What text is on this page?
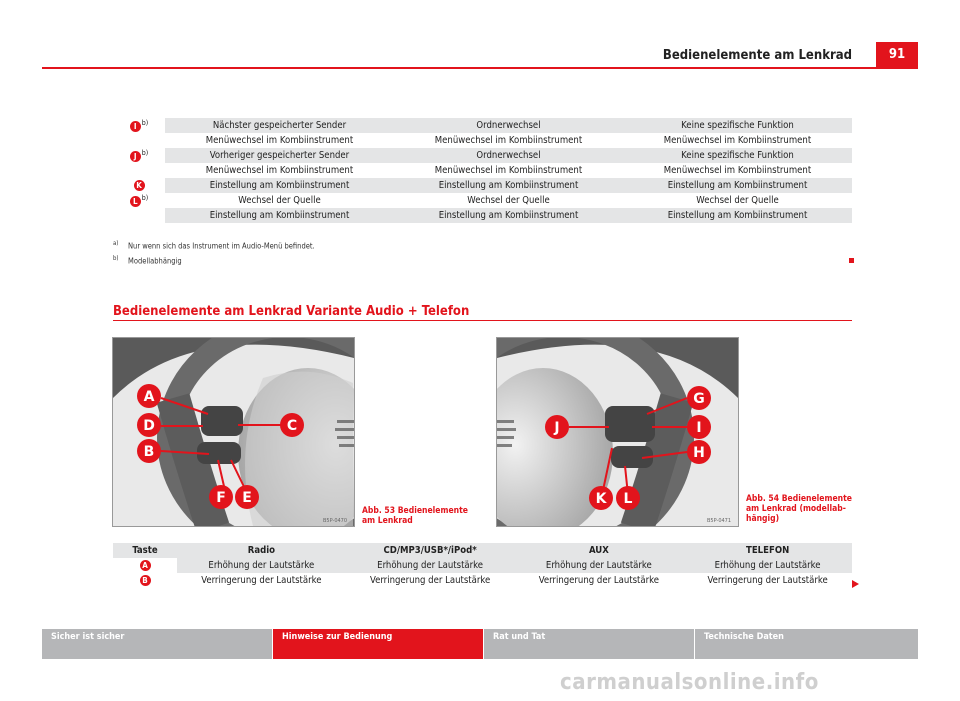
Bedienelemente am Lenkrad	91
I $^{b)}$	Nächster gespeicherter Sender	Ordnerwechsel	Keine spezifische Funktion
	Menüwechsel im Kombiinstrument	Menüwechsel im Kombiinstrument	Menüwechsel im Kombiinstrument
J $^{b)}$	Vorheriger gespeicherter Sender	Ordnerwechsel	Keine spezifische Funktion
	Menüwechsel im Kombiinstrument	Menüwechsel im Kombiinstrument	Menüwechsel im Kombiinstrument
K	Einstellung am Kombiinstrument	Einstellung am Kombiinstrument	Einstellung am Kombiinstrument
L $^{b)}$	Wechsel der Quelle	Wechsel der Quelle	Wechsel der Quelle
	Einstellung am Kombiinstrument	Einstellung am Kombiinstrument	Einstellung am Kombiinstrument
a) Nur wenn sich das Instrument im Audio-Menü befindet.
b) Modellabhängig
Bedienelemente am Lenkrad Variante Audio + Telefon
A
D
B
C
F E
B5P-0470
Abb. 53 Bedienelemente
am Lenkrad
G
J	I
H
K L
B5P-0471
Abb. 54 Bedienelemente
am Lenkrad (modellab-
hängig)
Taste	Radio	CD/MP3/USB*/iPod*	AUX	TELEFON
A	Erhöhung der Lautstärke	Erhöhung der Lautstärke	Erhöhung der Lautstärke	Erhöhung der Lautstärke
B	Verringerung der Lautstärke	Verringerung der Lautstärke	Verringerung der Lautstärke	Verringerung der Lautstärke
Sicher ist sicher	Hinweise zur Bedienung	Rat und Tat	Technische Daten
carmanualsonline.info
